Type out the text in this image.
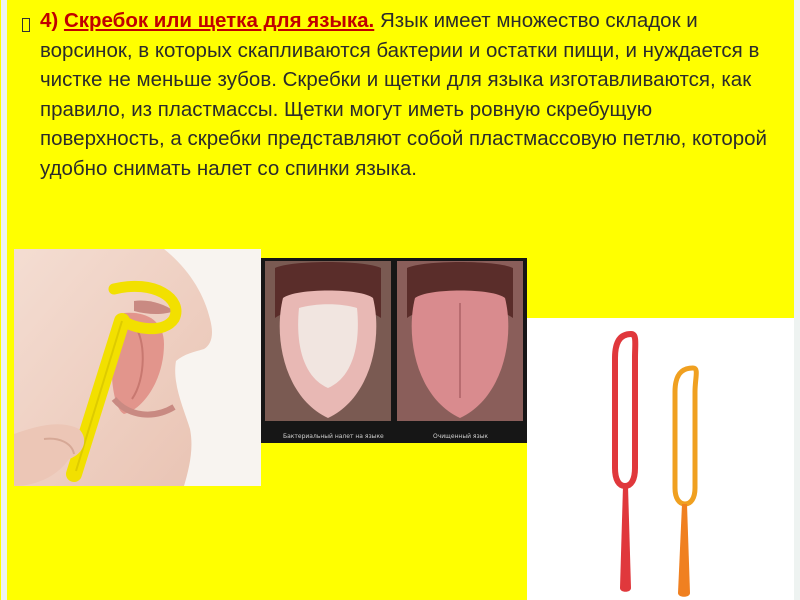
4) Скребок или щетка для языка. Язык имеет множество складок и ворсинок, в которых скапливаются бактерии и остатки пищи, и нуждается в чистке не меньше зубов. Скребки и щетки для языка изготавливаются, как правило, из пластмассы. Щетки могут иметь ровную скребущую поверхность, а скребки представляют собой пластмассовую петлю, которой удобно снимать налет со спинки языка.
Бактериальный налет на языке	Очищенный язык
